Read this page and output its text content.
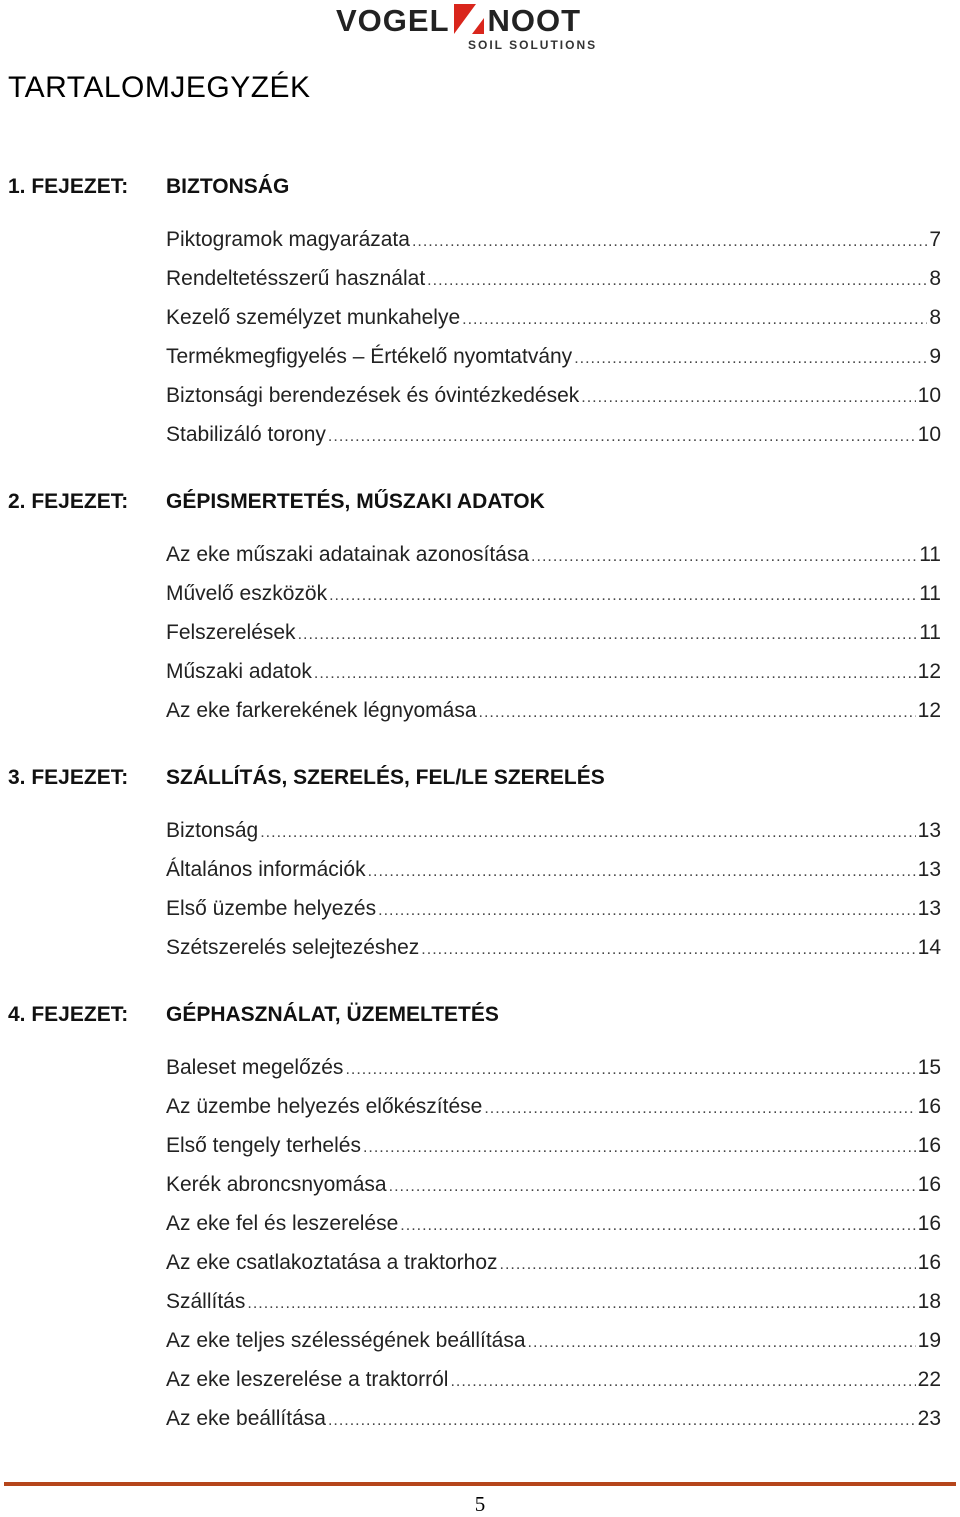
VOGEL NOOT
SOIL SOLUTIONS
TARTALOMJEGYZÉK
1. FEJEZET: BIZTONSÁG
Piktogramok magyarázata .....	7
Rendeltetésszerű használat .....	8
Kezelő személyzet munkahelye .....	8
Termékmegfigyelés – Értékelő nyomtatvány .....	9
Biztonsági berendezések és óvintézkedések .....	10
Stabilizáló torony .....	10
2. FEJEZET: GÉPISMERTETÉS, MŰSZAKI ADATOK
Az eke műszaki adatainak azonosítása .....	11
Művelő eszközök .....	11
Felszerelések .....	11
Műszaki adatok .....	12
Az eke farkerekének légnyomása .....	12
3. FEJEZET: SZÁLLÍTÁS, SZERELÉS, FEL/LE SZERELÉS
Biztonság .....	13
Általános információk .....	13
Első üzembe helyezés .....	13
Szétszerelés selejtezéshez .....	14
4. FEJEZET: GÉPHASZNÁLAT, ÜZEMELTETÉS
Baleset megelőzés .....	15
Az üzembe helyezés előkészítése .....	16
Első tengely terhelés .....	16
Kerék abroncsnyomása .....	16
Az eke fel és leszerelése .....	16
Az eke csatlakoztatása a traktorhoz .....	16
Szállítás .....	18
Az eke teljes szélességének beállítása .....	19
Az eke leszerelése a traktorról .....	22
Az eke beállítása .....	23
5
